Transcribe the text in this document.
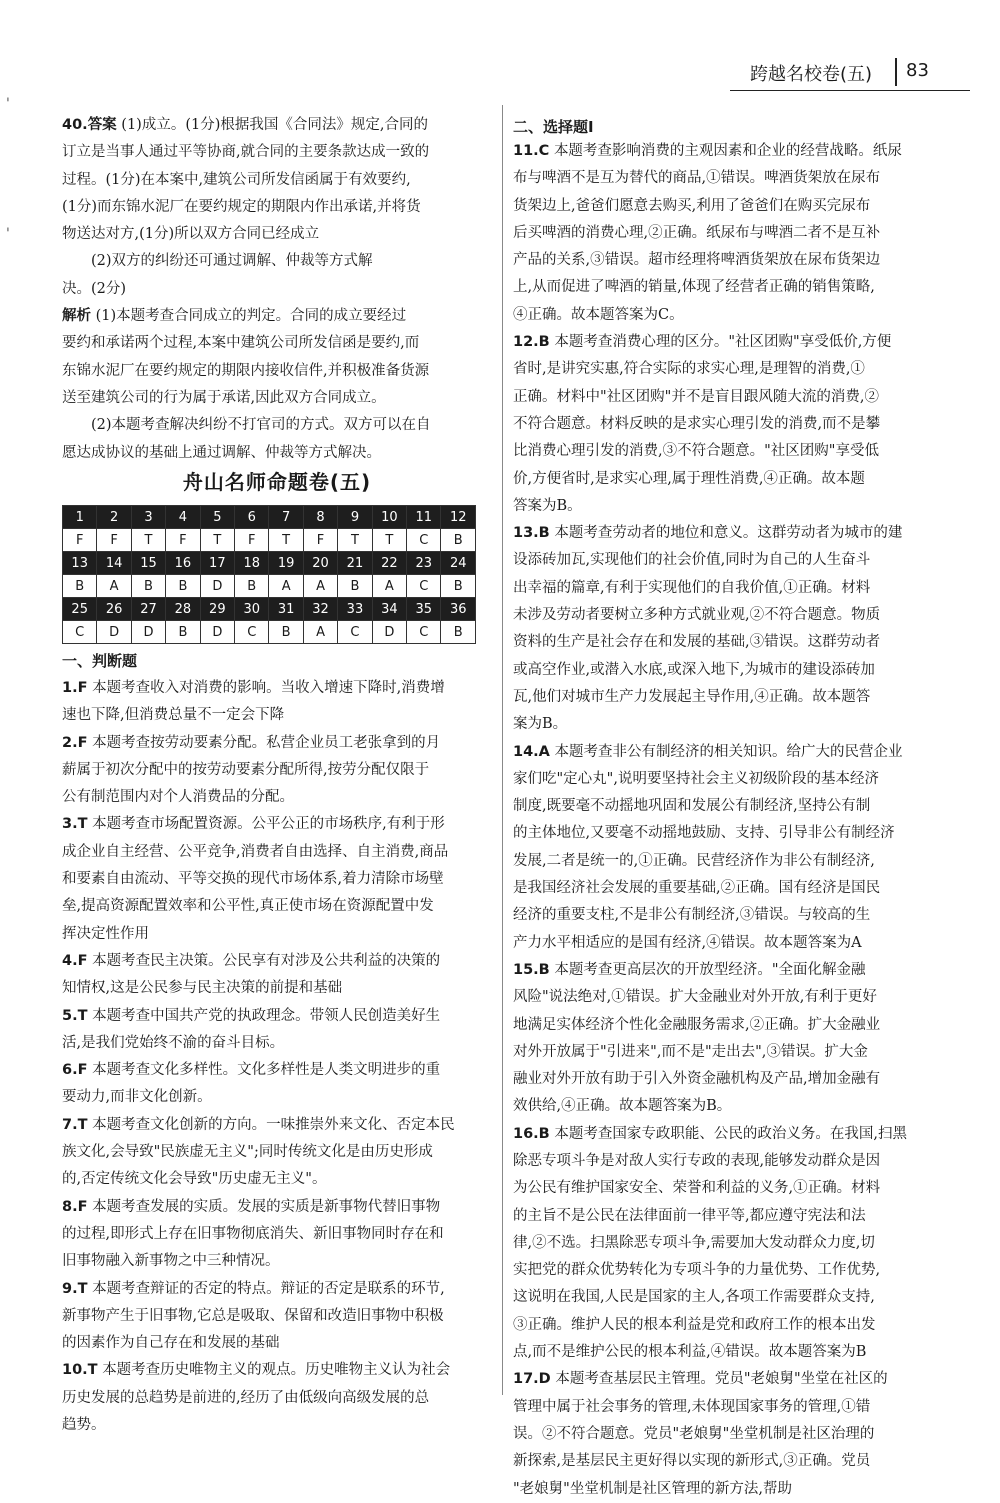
跨越名校卷(五) 83
'
'
40.答案 (1)成立。(1分)根据我国《合同法》规定,合同的
订立是当事人通过平等协商,就合同的主要条款达成一致的
过程。(1分)在本案中,建筑公司所发信函属于有效要约,
(1分)而东锦水泥厂在要约规定的期限内作出承诺,并将货
物送达对方,(1分)所以双方合同已经成立
(2)双方的纠纷还可通过调解、仲裁等方式解
决。(2分)
解析 (1)本题考查合同成立的判定。合同的成立要经过
要约和承诺两个过程,本案中建筑公司所发信函是要约,而
东锦水泥厂在要约规定的期限内接收信件,并积极准备货源
送至建筑公司的行为属于承诺,因此双方合同成立。
(2)本题考查解决纠纷不打官司的方式。双方可以在自
愿达成协议的基础上通过调解、仲裁等方式解决。
舟山名师命题卷(五)
1	2	3	4	5	6	7	8	9	10	11	12
F	F	T	F	T	F	T	F	T	T	C	B
13	14	15	16	17	18	19	20	21	22	23	24
B	A	B	B	D	B	A	A	B	A	C	B
25	26	27	28	29	30	31	32	33	34	35	36
C	D	D	B	D	C	B	A	C	D	C	B
一、判断题
1.F 本题考查收入对消费的影响。当收入增速下降时,消费增
速也下降,但消费总量不一定会下降
2.F 本题考查按劳动要素分配。私营企业员工老张拿到的月
薪属于初次分配中的按劳动要素分配所得,按劳分配仅限于
公有制范围内对个人消费品的分配。
3.T 本题考查市场配置资源。公平公正的市场秩序,有利于形
成企业自主经营、公平竞争,消费者自由选择、自主消费,商品
和要素自由流动、平等交换的现代市场体系,着力清除市场壁
垒,提高资源配置效率和公平性,真正使市场在资源配置中发
挥决定性作用
4.F 本题考查民主决策。公民享有对涉及公共利益的决策的
知情权,这是公民参与民主决策的前提和基础
5.T 本题考查中国共产党的执政理念。带领人民创造美好生
活,是我们党始终不渝的奋斗目标。
6.F 本题考查文化多样性。文化多样性是人类文明进步的重
要动力,而非文化创新。
7.T 本题考查文化创新的方向。一味推崇外来文化、否定本民
族文化,会导致"民族虚无主义";同时传统文化是由历史形成
的,否定传统文化会导致"历史虚无主义"。
8.F 本题考查发展的实质。发展的实质是新事物代替旧事物
的过程,即形式上存在旧事物彻底消失、新旧事物同时存在和
旧事物融入新事物之中三种情况。
9.T 本题考查辩证的否定的特点。辩证的否定是联系的环节,
新事物产生于旧事物,它总是吸取、保留和改造旧事物中积极
的因素作为自己存在和发展的基础
10.T 本题考查历史唯物主义的观点。历史唯物主义认为社会
历史发展的总趋势是前进的,经历了由低级向高级发展的总
趋势。
二、选择题Ⅰ
11.C 本题考查影响消费的主观因素和企业的经营战略。纸尿
布与啤酒不是互为替代的商品,①错误。啤酒货架放在尿布
货架边上,爸爸们愿意去购买,利用了爸爸们在购买完尿布
后买啤酒的消费心理,②正确。纸尿布与啤酒二者不是互补
产品的关系,③错误。超市经理将啤酒货架放在尿布货架边
上,从而促进了啤酒的销量,体现了经营者正确的销售策略,
④正确。故本题答案为C。
12.B 本题考查消费心理的区分。"社区团购"享受低价,方便
省时,是讲究实惠,符合实际的求实心理,是理智的消费,①
正确。材料中"社区团购"并不是盲目跟风随大流的消费,②
不符合题意。材料反映的是求实心理引发的消费,而不是攀
比消费心理引发的消费,③不符合题意。"社区团购"享受低
价,方便省时,是求实心理,属于理性消费,④正确。故本题
答案为B。
13.B 本题考查劳动者的地位和意义。这群劳动者为城市的建
设添砖加瓦,实现他们的社会价值,同时为自己的人生奋斗
出幸福的篇章,有利于实现他们的自我价值,①正确。材料
未涉及劳动者要树立多种方式就业观,②不符合题意。物质
资料的生产是社会存在和发展的基础,③错误。这群劳动者
或高空作业,或潜入水底,或深入地下,为城市的建设添砖加
瓦,他们对城市生产力发展起主导作用,④正确。故本题答
案为B。
14.A 本题考查非公有制经济的相关知识。给广大的民营企业
家们吃"定心丸",说明要坚持社会主义初级阶段的基本经济
制度,既要毫不动摇地巩固和发展公有制经济,坚持公有制
的主体地位,又要毫不动摇地鼓励、支持、引导非公有制经济
发展,二者是统一的,①正确。民营经济作为非公有制经济,
是我国经济社会发展的重要基础,②正确。国有经济是国民
经济的重要支柱,不是非公有制经济,③错误。与较高的生
产力水平相适应的是国有经济,④错误。故本题答案为A
15.B 本题考查更高层次的开放型经济。"全面化解金融
风险"说法绝对,①错误。扩大金融业对外开放,有利于更好
地满足实体经济个性化金融服务需求,②正确。扩大金融业
对外开放属于"引进来",而不是"走出去",③错误。扩大金
融业对外开放有助于引入外资金融机构及产品,增加金融有
效供给,④正确。故本题答案为B。
16.B 本题考查国家专政职能、公民的政治义务。在我国,扫黑
除恶专项斗争是对敌人实行专政的表现,能够发动群众是因
为公民有维护国家安全、荣誉和利益的义务,①正确。材料
的主旨不是公民在法律面前一律平等,都应遵守宪法和法
律,②不选。扫黑除恶专项斗争,需要加大发动群众力度,切
实把党的群众优势转化为专项斗争的力量优势、工作优势,
这说明在我国,人民是国家的主人,各项工作需要群众支持,
③正确。维护人民的根本利益是党和政府工作的根本出发
点,而不是维护公民的根本利益,④错误。故本题答案为B
17.D 本题考查基层民主管理。党员"老娘舅"坐堂在社区的
管理中属于社会事务的管理,未体现国家事务的管理,①错
误。②不符合题意。党员"老娘舅"坐堂机制是社区治理的
新探索,是基层民主更好得以实现的新形式,③正确。党员
"老娘舅"坐堂机制是社区管理的新方法,帮助
